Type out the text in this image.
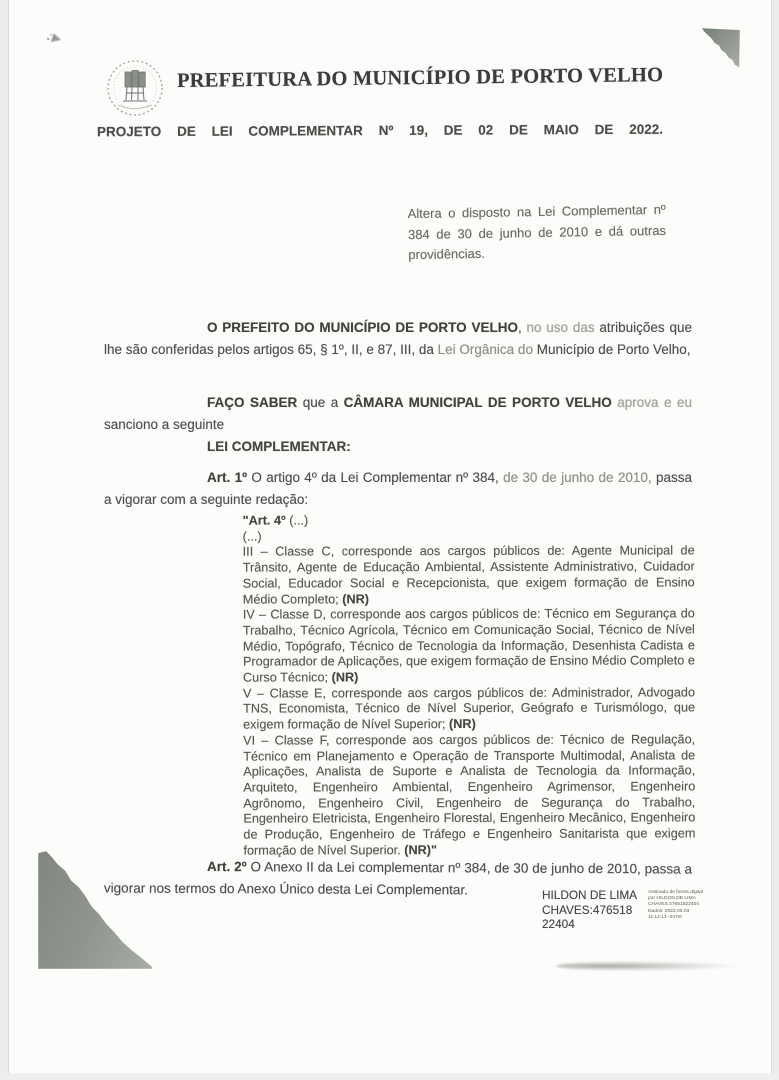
PREFEITURA DO MUNICÍPIO DE PORTO VELHO
PROJETO DE LEI COMPLEMENTAR Nº 19, DE 02 DE MAIO DE 2022.
Altera o disposto na Lei Complementar nº 384 de 30 de junho de 2010 e dá outras providências.

O PREFEITO DO MUNICÍPIO DE PORTO VELHO, no uso das atribuições que lhe são conferidas pelos artigos 65, § 1º, II, e 87, III, da Lei Orgânica do Município de Porto Velho,

FAÇO SABER que a CÂMARA MUNICIPAL DE PORTO VELHO aprova e eu sanciono a seguinte

LEI COMPLEMENTAR:

Art. 1º O artigo 4º da Lei Complementar nº 384, de 30 de junho de 2010, passa a vigorar com a seguinte redação:

"Art. 4º (...)

(...)

III – Classe C, corresponde aos cargos públicos de: Agente Municipal de Trânsito, Agente de Educação Ambiental, Assistente Administrativo, Cuidador Social, Educador Social e Recepcionista, que exigem formação de Ensino Médio Completo; (NR)

IV – Classe D, corresponde aos cargos públicos de: Técnico em Segurança do Trabalho, Técnico Agrícola, Técnico em Comunicação Social, Técnico de Nível Médio, Topógrafo, Técnico de Tecnologia da Informação, Desenhista Cadista e Programador de Aplicações, que exigem formação de Ensino Médio Completo e Curso Técnico; (NR)

V – Classe E, corresponde aos cargos públicos de: Administrador, Advogado TNS, Economista, Técnico de Nível Superior, Geógrafo e Turismólogo, que exigem formação de Nível Superior; (NR)

VI – Classe F, corresponde aos cargos públicos de: Técnico de Regulação, Técnico em Planejamento e Operação de Transporte Multimodal, Analista de Aplicações, Analista de Suporte e Analista de Tecnologia da Informação, Arquiteto, Engenheiro Ambiental, Engenheiro Agrimensor, Engenheiro Agrônomo, Engenheiro Civil, Engenheiro de Segurança do Trabalho, Engenheiro Eletricista, Engenheiro Florestal, Engenheiro Mecânico, Engenheiro de Produção, Engenheiro de Tráfego e Engenheiro Sanitarista que exigem formação de Nível Superior. (NR)"

Art. 2º O Anexo II da Lei complementar nº 384, de 30 de junho de 2010, passa a vigorar nos termos do Anexo Único desta Lei Complementar.	HILDON DE LIMA CHAVES:476518 22404
Assinado de forma digital
por HILDON DE LIMA
CHAVES:47651822404
Dados: 2022.05.03
11:12:14 -04'00'
